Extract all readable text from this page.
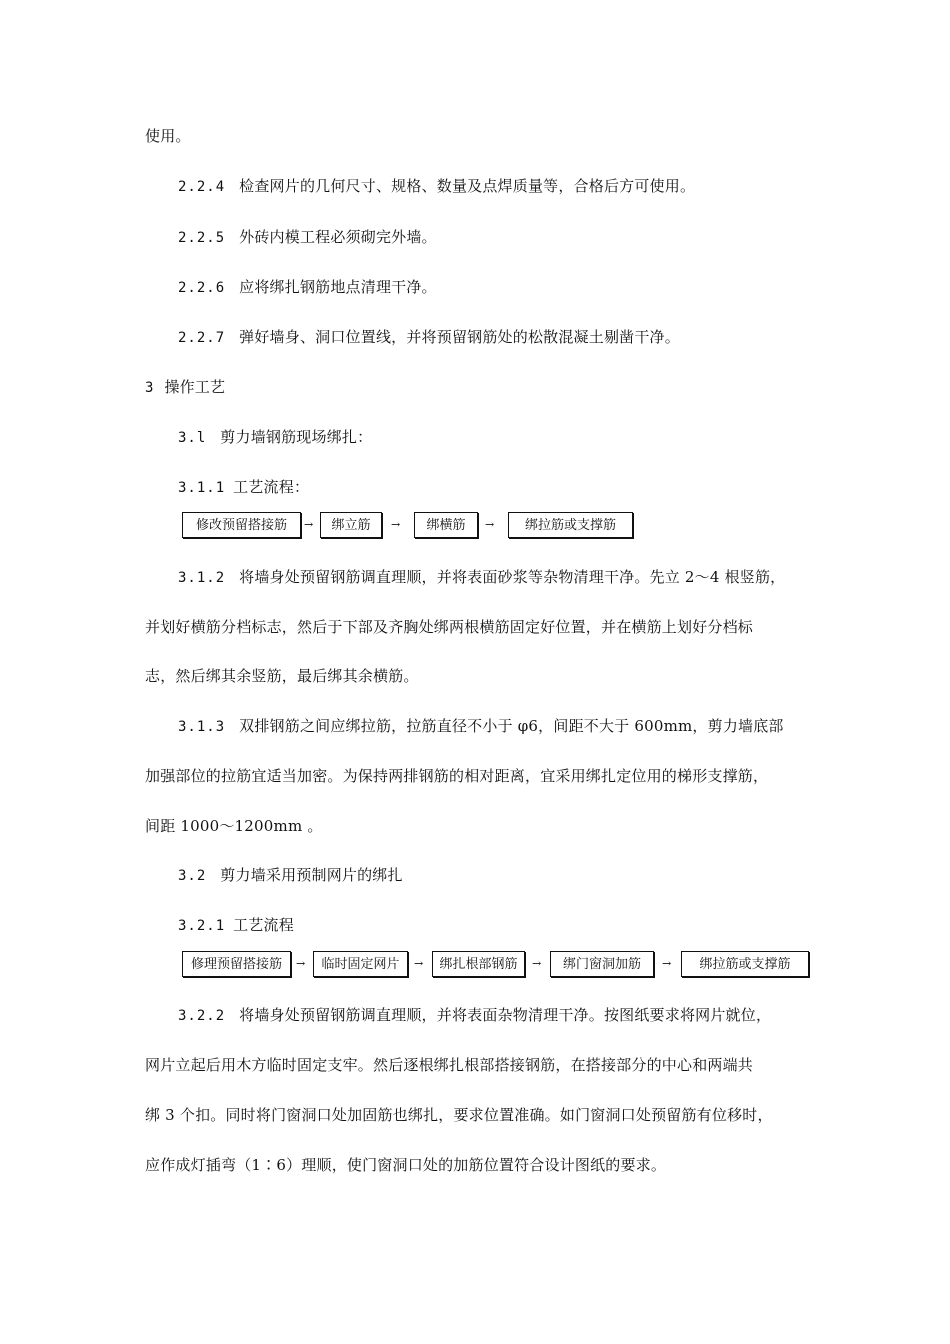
使用。
2.2.4 检查网片的几何尺寸、规格、数量及点焊质量等，合格后方可使用。
2.2.5 外砖内模工程必须砌完外墙。
2.2.6 应将绑扎钢筋地点清理干净。
2.2.7 弹好墙身、洞口位置线，并将预留钢筋处的松散混凝土剔凿干净。
3 操作工艺
3.l 剪力墙钢筋现场绑扎：
3.1.1 工艺流程：
修改预留搭接筋	→	绑立筋	→	绑横筋	→	绑拉筋或支撑筋
3.1.2 将墙身处预留钢筋调直理顺，并将表面砂浆等杂物清理干净。先立 2～4 根竖筋，
并划好横筋分档标志，然后于下部及齐胸处绑两根横筋固定好位置，并在横筋上划好分档标
志，然后绑其余竖筋，最后绑其余横筋。
3.1.3 双排钢筋之间应绑拉筋，拉筋直径不小于 φ6，间距不大于 600mm，剪力墙底部
加强部位的拉筋宜适当加密。为保持两排钢筋的相对距离，宜采用绑扎定位用的梯形支撑筋，
间距 1000～1200mm 。
3.2 剪力墙采用预制网片的绑扎
3.2.1 工艺流程
修理预留搭接筋	→	临时固定网片	→	绑扎根部钢筋	→	绑门窗洞加筋	→	绑拉筋或支撑筋
3.2.2 将墙身处预留钢筋调直理顺，并将表面杂物清理干净。按图纸要求将网片就位，
网片立起后用木方临时固定支牢。然后逐根绑扎根部搭接钢筋，在搭接部分的中心和两端共
绑 3 个扣。同时将门窗洞口处加固筋也绑扎，要求位置准确。如门窗洞口处预留筋有位移时，
应作成灯插弯（1∶6）理顺，使门窗洞口处的加筋位置符合设计图纸的要求。
